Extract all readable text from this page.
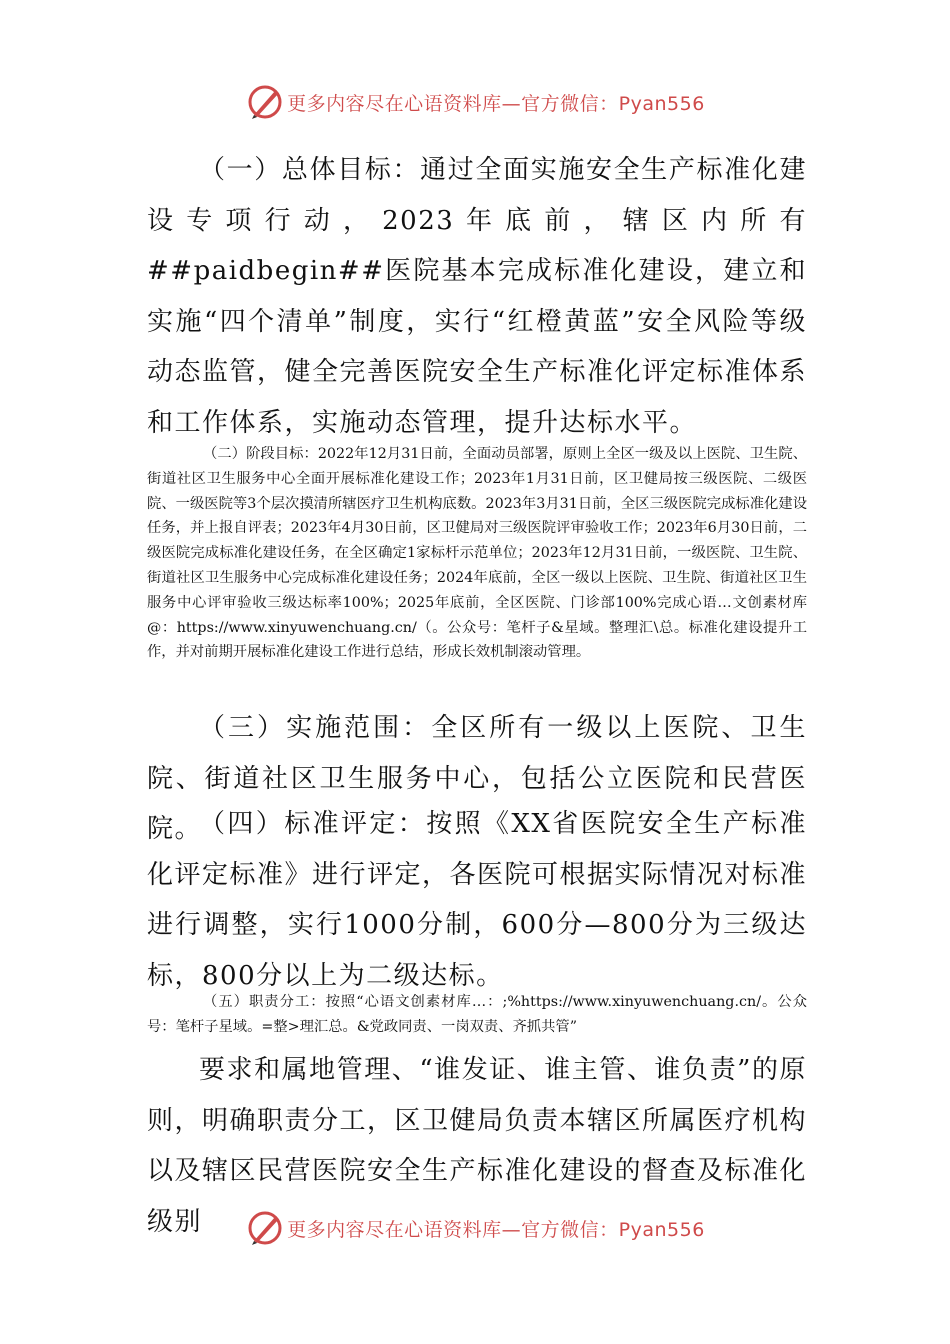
更多内容尽在心语资料库—官方微信：Pyan556

（一）总体目标：通过全面实施安全生产标准化建设专项行动，2023年底前，辖区内所有##paidbegin##医院基本完成标准化建设，建立和实施“四个清单”制度，实行“红橙黄蓝”安全风险等级动态监管，健全完善医院安全生产标准化评定标准体系和工作体系，实施动态管理，提升达标水平。

（二）阶段目标：2022年12月31日前，全面动员部署，原则上全区一级及以上医院、卫生院、街道社区卫生服务中心全面开展标准化建设工作；2023年1月31日前，区卫健局按三级医院、二级医院、一级医院等3个层次摸清所辖医疗卫生机构底数。2023年3月31日前，全区三级医院完成标准化建设任务，并上报自评表；2023年4月30日前，区卫健局对三级医院评审验收工作；2023年6月30日前，二级医院完成标准化建设任务，在全区确定1家标杆示范单位；2023年12月31日前，一级医院、卫生院、街道社区卫生服务中心完成标准化建设任务；2024年底前，全区一级以上医院、卫生院、街道社区卫生服务中心评审验收三级达标率100%；2025年底前，全区医院、门诊部100%完成心语…文创素材库@：https://www.xinyuwenchuang.cn/（。公众号：笔杆子&星域。整理汇\总。标准化建设提升工作，并对前期开展标准化建设工作进行总结，形成长效机制滚动管理。

（三）实施范围：全区所有一级以上医院、卫生院、街道社区卫生服务中心，包括公立医院和民营医院。

（四）标准评定：按照《XX省医院安全生产标准化评定标准》进行评定，各医院可根据实际情况对标准进行调整，实行1000分制，600分—800分为三级达标，800分以上为二级达标。

（五）职责分工：按照“心语文创素材库…：;%https://www.xinyuwenchuang.cn/。公众号：笔杆子星域。=整>理汇总。&党政同责、一岗双责、齐抓共管”

要求和属地管理、“谁发证、谁主管、谁负责”的原则，明确职责分工，区卫健局负责本辖区所属医疗机构以及辖区民营医院安全生产标准化建设的督查及标准化级别	更多内容尽在心语资料库—官方微信：Pyan556
